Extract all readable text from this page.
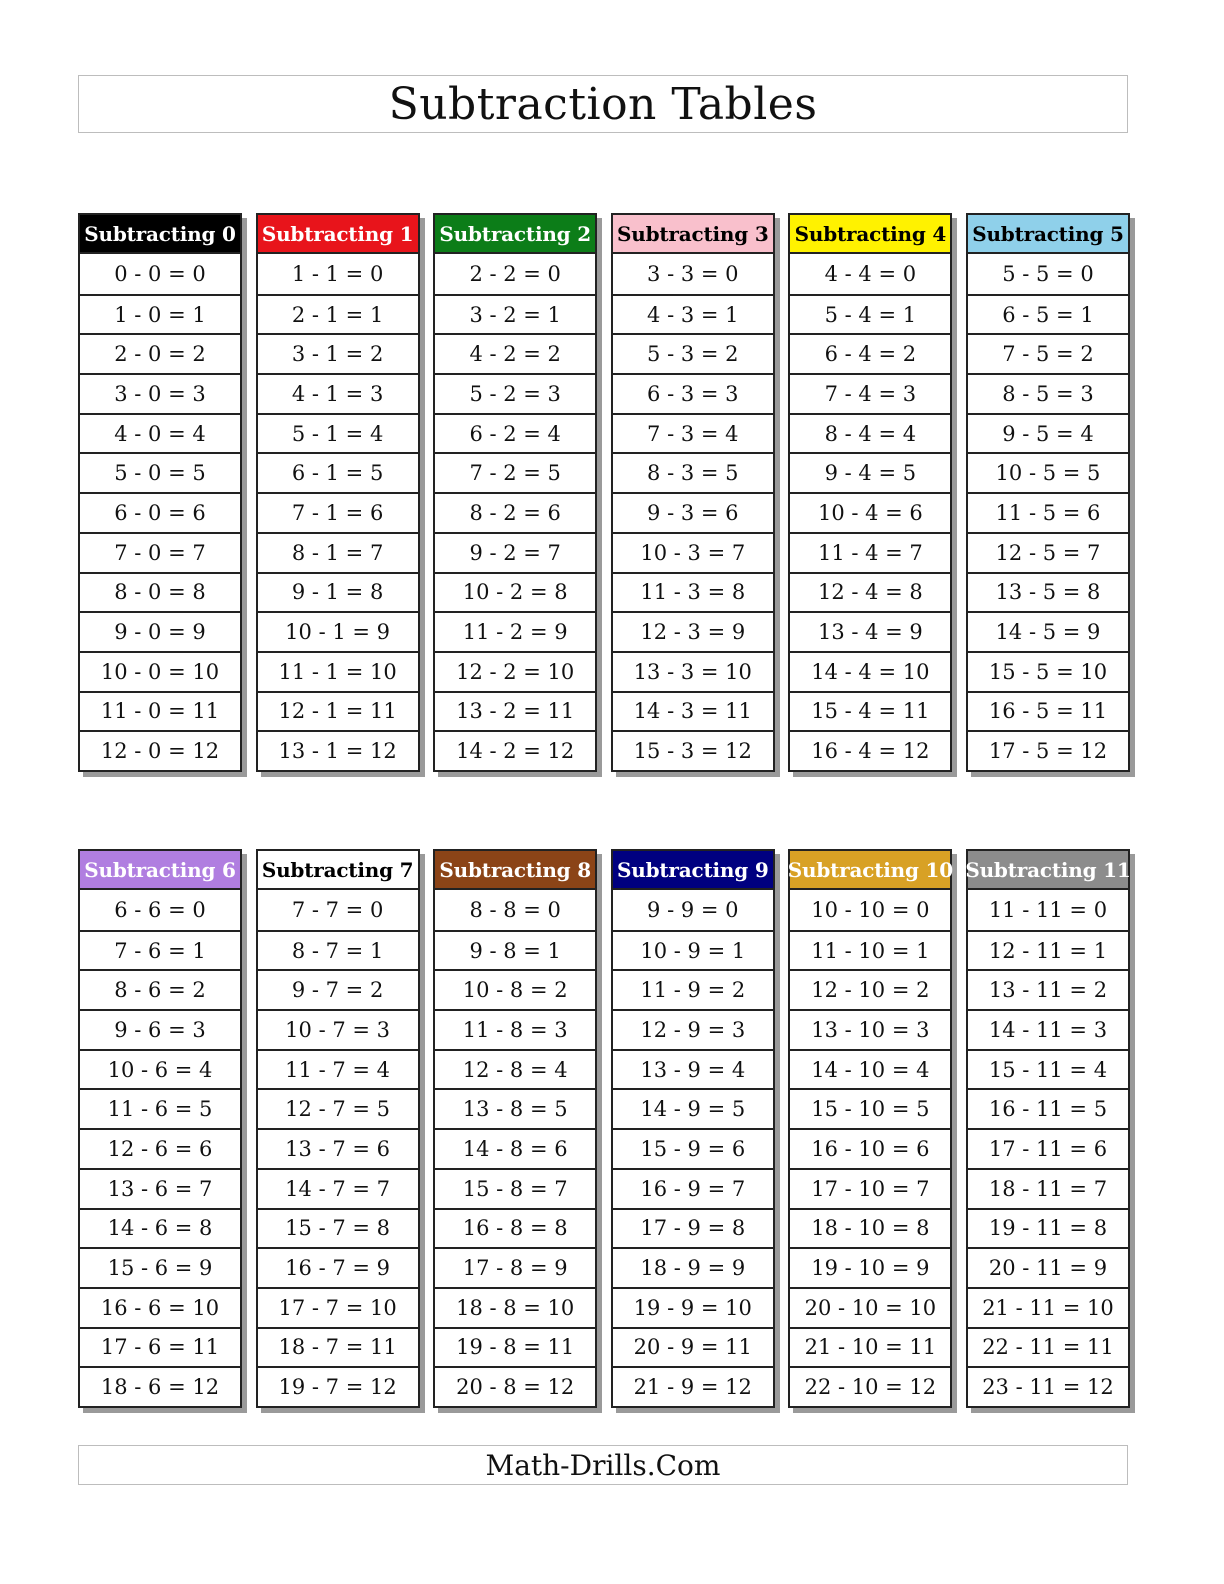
Subtraction Tables
Subtracting 0
0 - 0 = 0
1 - 0 = 1
2 - 0 = 2
3 - 0 = 3
4 - 0 = 4
5 - 0 = 5
6 - 0 = 6
7 - 0 = 7
8 - 0 = 8
9 - 0 = 9
10 - 0 = 10
11 - 0 = 11
12 - 0 = 12
Subtracting 1
1 - 1 = 0
2 - 1 = 1
3 - 1 = 2
4 - 1 = 3
5 - 1 = 4
6 - 1 = 5
7 - 1 = 6
8 - 1 = 7
9 - 1 = 8
10 - 1 = 9
11 - 1 = 10
12 - 1 = 11
13 - 1 = 12
Subtracting 2
2 - 2 = 0
3 - 2 = 1
4 - 2 = 2
5 - 2 = 3
6 - 2 = 4
7 - 2 = 5
8 - 2 = 6
9 - 2 = 7
10 - 2 = 8
11 - 2 = 9
12 - 2 = 10
13 - 2 = 11
14 - 2 = 12
Subtracting 3
3 - 3 = 0
4 - 3 = 1
5 - 3 = 2
6 - 3 = 3
7 - 3 = 4
8 - 3 = 5
9 - 3 = 6
10 - 3 = 7
11 - 3 = 8
12 - 3 = 9
13 - 3 = 10
14 - 3 = 11
15 - 3 = 12
Subtracting 4
4 - 4 = 0
5 - 4 = 1
6 - 4 = 2
7 - 4 = 3
8 - 4 = 4
9 - 4 = 5
10 - 4 = 6
11 - 4 = 7
12 - 4 = 8
13 - 4 = 9
14 - 4 = 10
15 - 4 = 11
16 - 4 = 12
Subtracting 5
5 - 5 = 0
6 - 5 = 1
7 - 5 = 2
8 - 5 = 3
9 - 5 = 4
10 - 5 = 5
11 - 5 = 6
12 - 5 = 7
13 - 5 = 8
14 - 5 = 9
15 - 5 = 10
16 - 5 = 11
17 - 5 = 12
Subtracting 6
6 - 6 = 0
7 - 6 = 1
8 - 6 = 2
9 - 6 = 3
10 - 6 = 4
11 - 6 = 5
12 - 6 = 6
13 - 6 = 7
14 - 6 = 8
15 - 6 = 9
16 - 6 = 10
17 - 6 = 11
18 - 6 = 12
Subtracting 7
7 - 7 = 0
8 - 7 = 1
9 - 7 = 2
10 - 7 = 3
11 - 7 = 4
12 - 7 = 5
13 - 7 = 6
14 - 7 = 7
15 - 7 = 8
16 - 7 = 9
17 - 7 = 10
18 - 7 = 11
19 - 7 = 12
Subtracting 8
8 - 8 = 0
9 - 8 = 1
10 - 8 = 2
11 - 8 = 3
12 - 8 = 4
13 - 8 = 5
14 - 8 = 6
15 - 8 = 7
16 - 8 = 8
17 - 8 = 9
18 - 8 = 10
19 - 8 = 11
20 - 8 = 12
Subtracting 9
9 - 9 = 0
10 - 9 = 1
11 - 9 = 2
12 - 9 = 3
13 - 9 = 4
14 - 9 = 5
15 - 9 = 6
16 - 9 = 7
17 - 9 = 8
18 - 9 = 9
19 - 9 = 10
20 - 9 = 11
21 - 9 = 12
Subtracting 10
10 - 10 = 0
11 - 10 = 1
12 - 10 = 2
13 - 10 = 3
14 - 10 = 4
15 - 10 = 5
16 - 10 = 6
17 - 10 = 7
18 - 10 = 8
19 - 10 = 9
20 - 10 = 10
21 - 10 = 11
22 - 10 = 12
Subtracting 11
11 - 11 = 0
12 - 11 = 1
13 - 11 = 2
14 - 11 = 3
15 - 11 = 4
16 - 11 = 5
17 - 11 = 6
18 - 11 = 7
19 - 11 = 8
20 - 11 = 9
21 - 11 = 10
22 - 11 = 11
23 - 11 = 12
Math-Drills.Com
